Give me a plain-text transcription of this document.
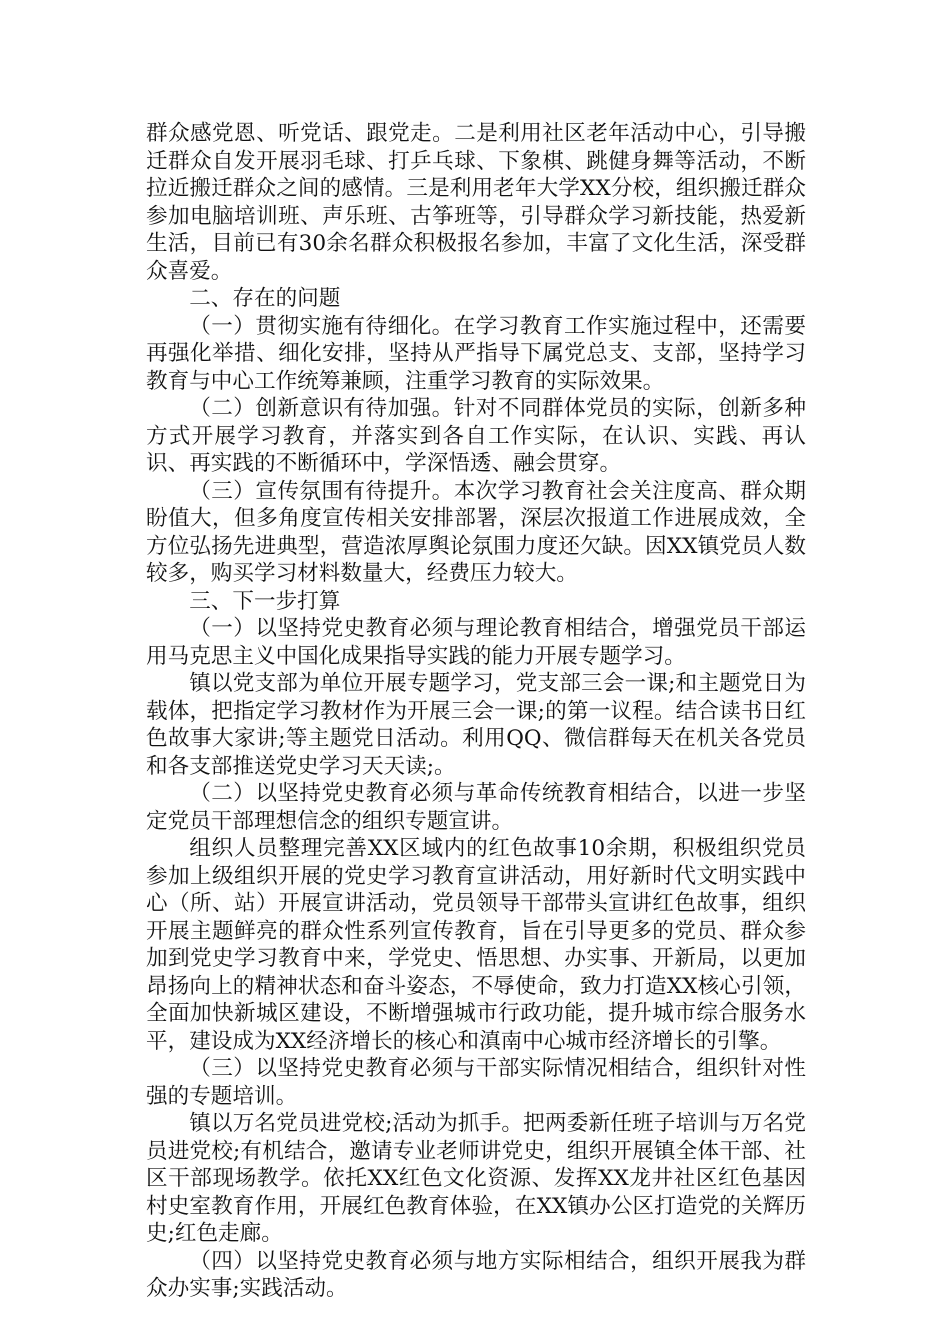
群众感党恩、听党话、跟党走。二是利用社区老年活动中心，引导搬迁群众自发开展羽毛球、打乒乓球、下象棋、跳健身舞等活动，不断拉近搬迁群众之间的感情。三是利用老年大学XX分校，组织搬迁群众参加电脑培训班、声乐班、古筝班等，引导群众学习新技能，热爱新生活，目前已有30余名群众积极报名参加，丰富了文化生活，深受群众喜爱。

二、存在的问题

（一）贯彻实施有待细化。在学习教育工作实施过程中，还需要再强化举措、细化安排，坚持从严指导下属党总支、支部，坚持学习教育与中心工作统筹兼顾，注重学习教育的实际效果。

（二）创新意识有待加强。针对不同群体党员的实际，创新多种方式开展学习教育，并落实到各自工作实际，在认识、实践、再认识、再实践的不断循环中，学深悟透、融会贯穿。

（三）宣传氛围有待提升。本次学习教育社会关注度高、群众期盼值大，但多角度宣传相关安排部署，深层次报道工作进展成效，全方位弘扬先进典型，营造浓厚舆论氛围力度还欠缺。因XX镇党员人数较多，购买学习材料数量大，经费压力较大。

三、下一步打算

（一）以坚持党史教育必须与理论教育相结合，增强党员干部运用马克思主义中国化成果指导实践的能力开展专题学习。

镇以党支部为单位开展专题学习，党支部三会一课;和主题党日为载体，把指定学习教材作为开展三会一课;的第一议程。结合读书日红色故事大家讲;等主题党日活动。利用QQ、微信群每天在机关各党员和各支部推送党史学习天天读;。

（二）以坚持党史教育必须与革命传统教育相结合，以进一步坚定党员干部理想信念的组织专题宣讲。

组织人员整理完善XX区域内的红色故事10余期，积极组织党员参加上级组织开展的党史学习教育宣讲活动，用好新时代文明实践中心（所、站）开展宣讲活动，党员领导干部带头宣讲红色故事，组织开展主题鲜亮的群众性系列宣传教育，旨在引导更多的党员、群众参加到党史学习教育中来，学党史、悟思想、办实事、开新局，以更加昂扬向上的精神状态和奋斗姿态，不辱使命，致力打造XX核心引领，全面加快新城区建设，不断增强城市行政功能，提升城市综合服务水平，建设成为XX经济增长的核心和滇南中心城市经济增长的引擎。

（三）以坚持党史教育必须与干部实际情况相结合，组织针对性强的专题培训。

镇以万名党员进党校;活动为抓手。把两委新任班子培训与万名党员进党校;有机结合，邀请专业老师讲党史，组织开展镇全体干部、社区干部现场教学。依托XX红色文化资源、发挥XX龙井社区红色基因村史室教育作用，开展红色教育体验，在XX镇办公区打造党的关辉历史;红色走廊。

（四）以坚持党史教育必须与地方实际相结合，组织开展我为群众办实事;实践活动。
